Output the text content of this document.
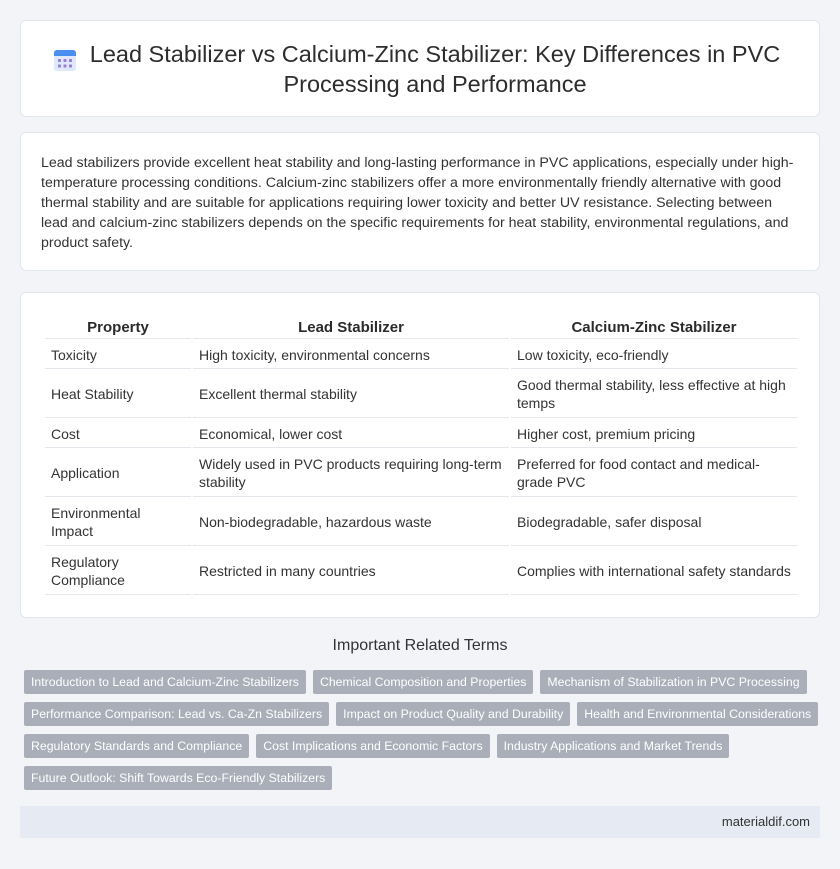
Lead Stabilizer vs Calcium-Zinc Stabilizer: Key Differences in PVC Processing and Performance

Lead stabilizers provide excellent heat stability and long-lasting performance in PVC applications, especially under high-temperature processing conditions. Calcium-zinc stabilizers offer a more environmentally friendly alternative with good thermal stability and are suitable for applications requiring lower toxicity and better UV resistance. Selecting between lead and calcium-zinc stabilizers depends on the specific requirements for heat stability, environmental regulations, and product safety.

Property	Lead Stabilizer	Calcium-Zinc Stabilizer
Toxicity	High toxicity, environmental concerns	Low toxicity, eco-friendly
Heat Stability	Excellent thermal stability	Good thermal stability, less effective at high temps
Cost	Economical, lower cost	Higher cost, premium pricing
Application	Widely used in PVC products requiring long-term stability	Preferred for food contact and medical-grade PVC
Environmental Impact	Non-biodegradable, hazardous waste	Biodegradable, safer disposal
Regulatory Compliance	Restricted in many countries	Complies with international safety standards
Important Related Terms
Introduction to Lead and Calcium-Zinc Stabilizers	Chemical Composition and Properties	Mechanism of Stabilization in PVC Processing
Performance Comparison: Lead vs. Ca-Zn Stabilizers	Impact on Product Quality and Durability	Health and Environmental Considerations
Regulatory Standards and Compliance	Cost Implications and Economic Factors	Industry Applications and Market Trends
Future Outlook: Shift Towards Eco-Friendly Stabilizers
materialdif.com
